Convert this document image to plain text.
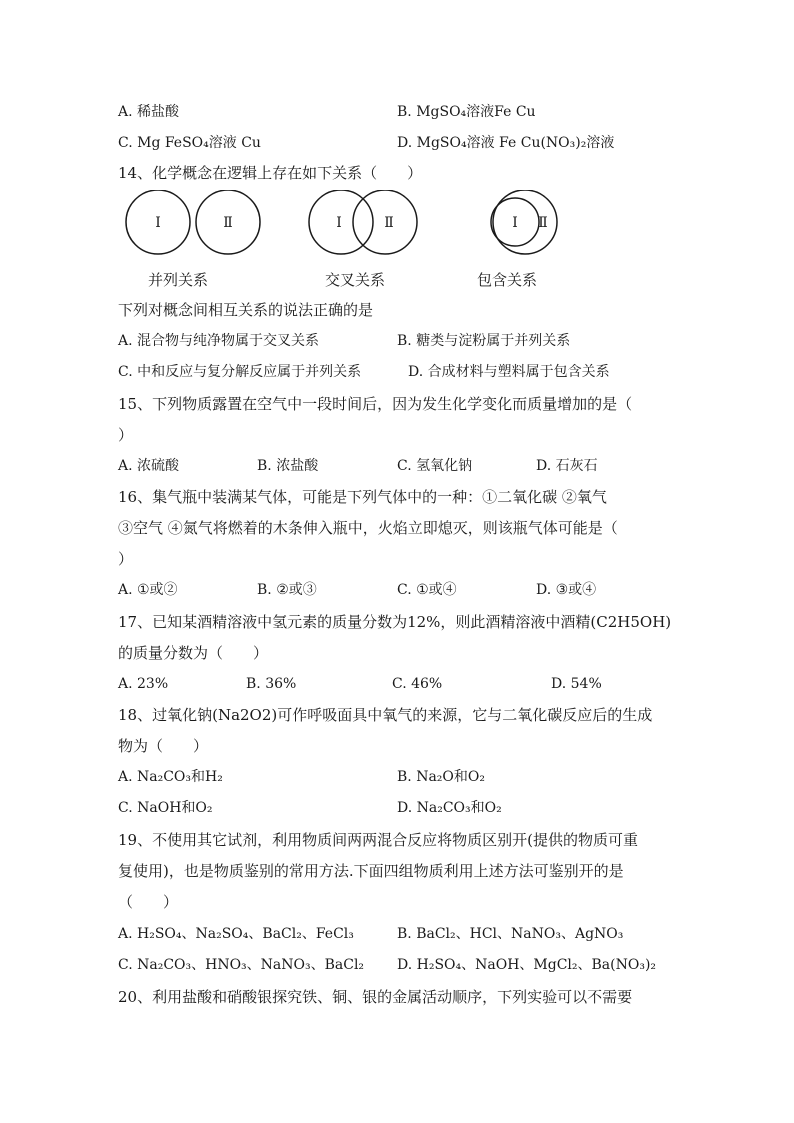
A. 稀盐酸	B. MgSO₄溶液Fe Cu
C. Mg FeSO₄溶液 Cu	D. MgSO₄溶液 Fe Cu(NO₃)₂溶液
14、化学概念在逻辑上存在如下关系（　　）
Ⅰ	Ⅱ	Ⅰ	Ⅱ	Ⅰ Ⅱ
并列关系	交叉关系	包含关系
下列对概念间相互关系的说法正确的是
A. 混合物与纯净物属于交叉关系	B. 糖类与淀粉属于并列关系
C. 中和反应与复分解反应属于并列关系	D. 合成材料与塑料属于包含关系
15、下列物质露置在空气中一段时间后，因为发生化学变化而质量增加的是（
）
A. 浓硫酸	B. 浓盐酸	C. 氢氧化钠	D. 石灰石
16、集气瓶中装满某气体，可能是下列气体中的一种：①二氧化碳 ②氧气
③空气 ④氮气将燃着的木条伸入瓶中，火焰立即熄灭，则该瓶气体可能是（
）
A. ①或②	B. ②或③	C. ①或④	D. ③或④
17、已知某酒精溶液中氢元素的质量分数为12%，则此酒精溶液中酒精(C2H5OH)
的质量分数为（　　）
A. 23%	B. 36%	C. 46%	D. 54%
18、过氧化钠(Na2O2)可作呼吸面具中氧气的来源，它与二氧化碳反应后的生成
物为（　　）
A. Na₂CO₃和H₂	B. Na₂O和O₂
C. NaOH和O₂	D. Na₂CO₃和O₂
19、不使用其它试剂，利用物质间两两混合反应将物质区别开(提供的物质可重
复使用)，也是物质鉴别的常用方法.下面四组物质利用上述方法可鉴别开的是
（　　）
A. H₂SO₄、Na₂SO₄、BaCl₂、FeCl₃	B. BaCl₂、HCl、NaNO₃、AgNO₃
C. Na₂CO₃、HNO₃、NaNO₃、BaCl₂ D. H₂SO₄、NaOH、MgCl₂、Ba(NO₃)₂
20、利用盐酸和硝酸银探究铁、铜、银的金属活动顺序，下列实验可以不需要
